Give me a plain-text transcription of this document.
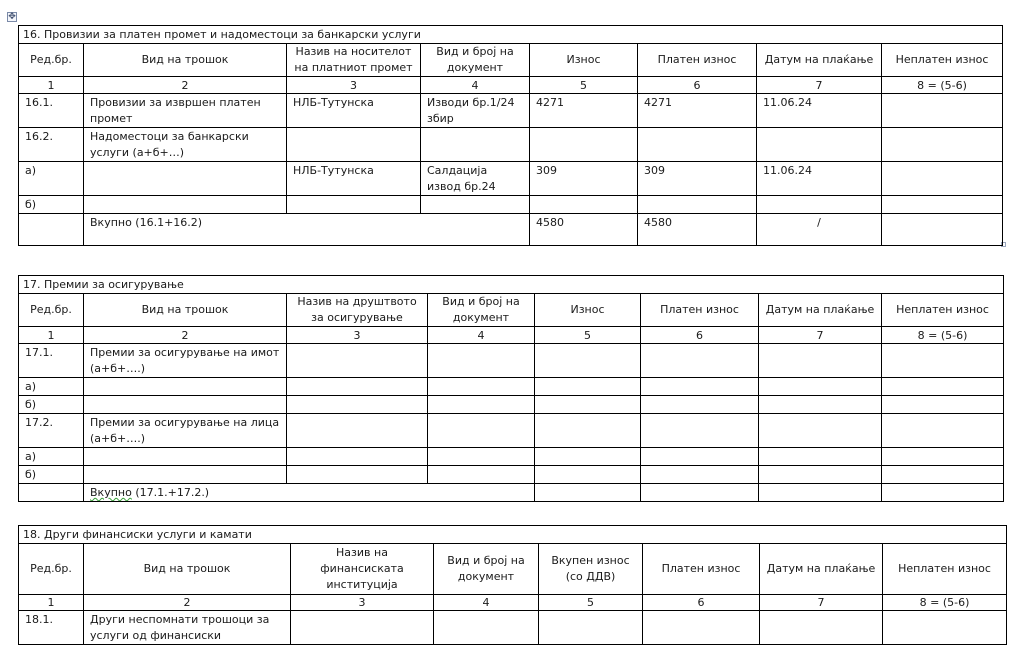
✥
16. Провизии за платен промет и надоместоци за банкарски услуги							
Ред.бр.	Вид на трошок	Назив на носителот на платниот промет	Вид и број на документ	Износ	Платен износ	Датум на плаќање	Неплатен износ
1	2	3	4	5	6	7	8 = (5-6)
16.1.	Провизии за извршен платен промет	НЛБ-Тутунска	Изводи бр.1/24 збир	4271	4271	11.06.24	
16.2.	Надоместоци за банкарски услуги (а+б+…)						
а)		НЛБ-Тутунска	Салдациja извод бр.24	309	309	11.06.24	
б)							
	Вкупно (16.1+16.2)			4580	4580	/	
17. Премии за осигурување							
Ред.бр.	Вид на трошок	Назив на друштвото за осигурување	Вид и број на документ	Износ	Платен износ	Датум на плаќање	Неплатен износ
1	2	3	4	5	6	7	8 = (5-6)
17.1.	Премии за осигурување на имот (а+б+….)						
а)							
б)							
17.2.	Премии за осигурување на лица (а+б+….)						
а)							
б)							
	Вкупно (17.1.+17.2.)						
18. Други финансиски услуги и камати							
Ред.бр.	Вид на трошок	Назив на финансиската институција	Вид и број на документ	Вкупен износ (со ДДВ)	Платен износ	Датум на плаќање	Неплатен износ
1	2	3	4	5	6	7	8 = (5-6)
18.1.	Други неспомнати трошоци за услуги од финансиски						
